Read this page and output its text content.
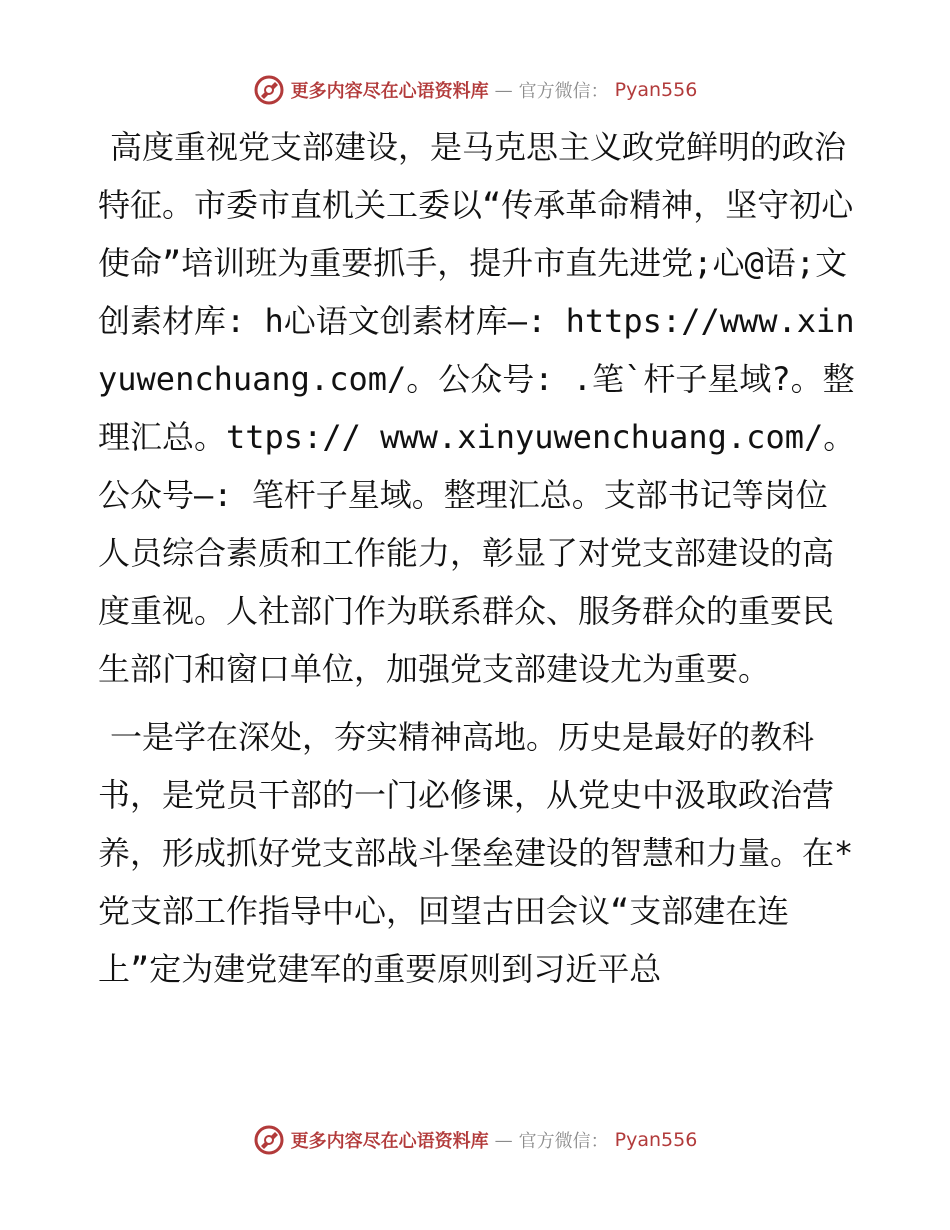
更多内容尽在心语资料库 — 官方微信： Pyan556

高度重视党支部建设，是马克思主义政党鲜明的政治特征。市委市直机关工委以“传承革命精神，坚守初心使命”培训班为重要抓手，提升市直先进党;心@语;文创素材库: h心语文创素材库—: https://www.xinyuwenchuang.com/。公众号: .笔`杆子星域?。整理汇总。ttps:// www.xinyuwenchuang.com/。公众号—: 笔杆子星域。整理汇总。支部书记等岗位人员综合素质和工作能力，彰显了对党支部建设的高度重视。人社部门作为联系群众、服务群众的重要民生部门和窗口单位，加强党支部建设尤为重要。

一是学在深处，夯实精神高地。历史是最好的教科书，是党员干部的一门必修课，从党史中汲取政治营养，形成抓好党支部战斗堡垒建设的智慧和力量。在*党支部工作指导中心，回望古田会议“支部建在连上”定为建党建军的重要原则到习近平总

更多内容尽在心语资料库 — 官方微信： Pyan556
